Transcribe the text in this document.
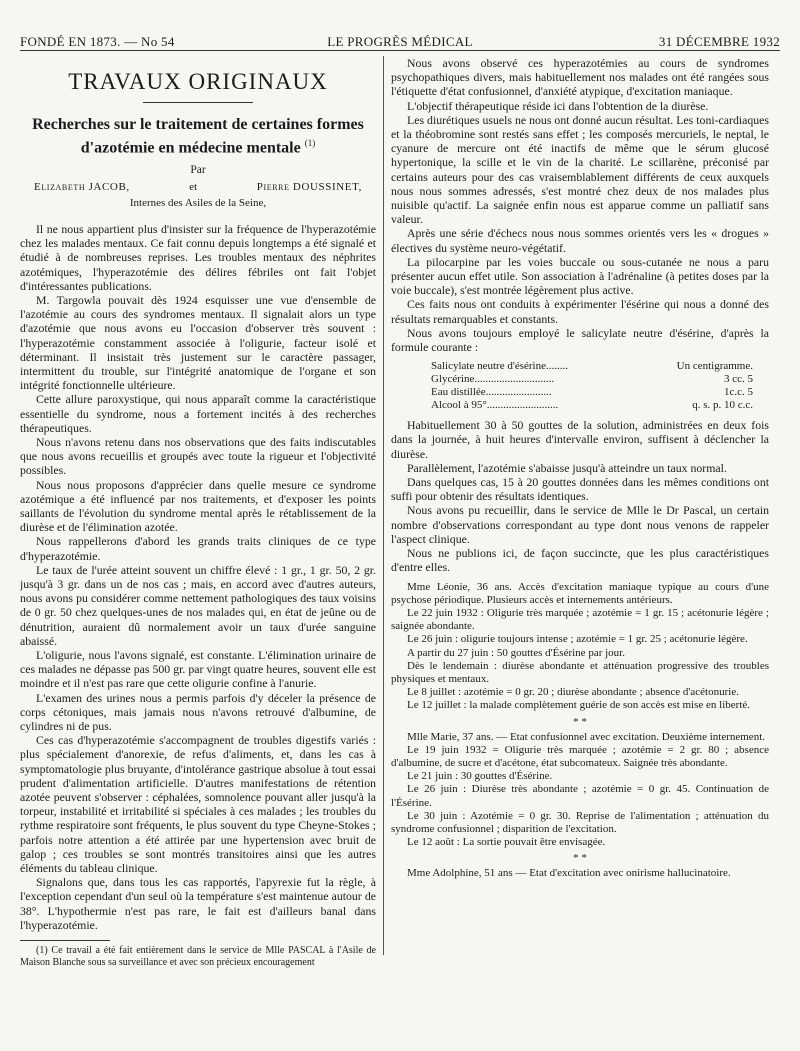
FONDÉ EN 1873. — No 54	LE PROGRÈS MÉDICAL	31 DÉCEMBRE 1932
TRAVAUX ORIGINAUX
Recherches sur le traitement de certaines formes d'azotémie en médecine mentale $^{(1)}$
Par
Elizabeth JACOB,	et	Pierre DOUSSINET,
Internes des Asiles de la Seine,

Il ne nous appartient plus d'insister sur la fréquence de l'hyperazotémie chez les malades mentaux. Ce fait connu depuis longtemps a été signalé et étudié à de nombreuses reprises. Les troubles mentaux des néphrites azotémiques, l'hyperazotémie des délires fébriles ont fait l'objet d'intéressantes publications.

M. Targowla pouvait dès 1924 esquisser une vue d'ensemble de l'azotémie au cours des syndromes mentaux. Il signalait alors un type d'azotémie que nous avons eu l'occasion d'observer très souvent : l'hyperazotémie constamment associée à l'oligurie, facteur isolé et déterminant. Il insistait très justement sur le caractère passager, intermittent du trouble, sur l'intégrité anatomique de l'organe et son intégrité fonctionnelle ultérieure.

Cette allure paroxystique, qui nous apparaît comme la caractéristique essentielle du syndrome, nous a fortement incités à des recherches thérapeutiques.

Nous n'avons retenu dans nos observations que des faits indiscutables que nous avons recueillis et groupés avec toute la rigueur et l'objectivité possibles.

Nous nous proposons d'apprécier dans quelle mesure ce syndrome azotémique a été influencé par nos traitements, et d'exposer les points saillants de l'évolution du syndrome mental après le rétablissement de la diurèse et de l'élimination azotée.

Nous rappellerons d'abord les grands traits cliniques de ce type d'hyperazotémie.

Le taux de l'urée atteint souvent un chiffre élevé : 1 gr., 1 gr. 50, 2 gr. jusqu'à 3 gr. dans un de nos cas ; mais, en accord avec d'autres auteurs, nous avons pu considérer comme nettement pathologiques des taux voisins de 0 gr. 50 chez quelques-unes de nos malades qui, en état de jeûne ou de dénutrition, auraient dû normalement avoir un taux d'urée sanguine abaissé.

L'oligurie, nous l'avons signalé, est constante. L'élimination urinaire de ces malades ne dépasse pas 500 gr. par vingt quatre heures, souvent elle est moindre et il n'est pas rare que cette oligurie confine à l'anurie.

L'examen des urines nous a permis parfois d'y déceler la présence de corps cétoniques, mais jamais nous n'avons retrouvé d'albumine, de cylindres ni de pus.

Ces cas d'hyperazotémie s'accompagnent de troubles digestifs variés : plus spécialement d'anorexie, de refus d'aliments, et, dans les cas à symptomatologie plus bruyante, d'intolérance gastrique absolue à tout essai prudent d'alimentation artificielle. D'autres manifestations de rétention azotée peuvent s'observer : céphalées, somnolence pouvant aller jusqu'à la torpeur, instabilité et irritabilité si spéciales à ces malades ; les troubles du rythme respiratoire sont fréquents, le plus souvent du type Cheyne-Stokes ; parfois notre attention a été attirée par une hypertension avec bruit de galop ; ces troubles se sont montrés transitoires ainsi que les autres éléments du tableau clinique.

Signalons que, dans tous les cas rapportés, l'apyrexie fut la règle, à l'exception cependant d'un seul où la température s'est maintenue autour de 38°. L'hypothermie n'est pas rare, le fait est d'ailleurs banal dans l'hyperazotémie.

(1) Ce travail a été fait entièrement dans le service de Mlle PASCAL à l'Asile de Maison Blanche sous sa surveillance et avec son précieux encouragement

Nous avons observé ces hyperazotémies au cours de syndromes psychopathiques divers, mais habituellement nos malades ont été rangées sous l'étiquette d'état confusionnel, d'anxiété atypique, d'excitation maniaque.

L'objectif thérapeutique réside ici dans l'obtention de la diurèse.

Les diurétiques usuels ne nous ont donné aucun résultat. Les toni-cardiaques et la théobromine sont restés sans effet ; les composés mercuriels, le neptal, le cyanure de mercure ont été inactifs de même que le sérum glucosé hypertonique, la scille et le vin de la charité. Le scillarène, préconisé par certains auteurs pour des cas vraisemblablement différents de ceux auxquels nous nous sommes adressés, s'est montré chez deux de nos malades plus nuisible qu'actif. La saignée enfin nous est apparue comme un palliatif sans valeur.

Après une série d'échecs nous nous sommes orientés vers les « drogues » électives du système neuro-végétatif.

La pilocarpine par les voies buccale ou sous-cutanée ne nous a paru présenter aucun effet utile. Son association à l'adrénaline (à petites doses par la voie buccale), s'est montrée légèrement plus active.

Ces faits nous ont conduits à expérimenter l'ésérine qui nous a donné des résultats remarquables et constants.

Nous avons toujours employé le salicylate neutre d'ésérine, d'après la formule courante :

Salicylate neutre d'ésérine........	Un centigramme.
Glycérine.............................	3 cc. 5
Eau distillée........................	1c.c. 5
Alcool à 95°..........................	q. s. p. 10 c.c.

Habituellement 30 à 50 gouttes de la solution, administrées en deux fois dans la journée, à huit heures d'intervalle environ, suffisent à déclencher la diurèse.

Parallèlement, l'azotémie s'abaisse jusqu'à atteindre un taux normal.

Dans quelques cas, 15 à 20 gouttes données dans les mêmes conditions ont suffi pour obtenir des résultats identiques.

Nous avons pu recueillir, dans le service de Mlle le Dr Pascal, un certain nombre d'observations correspondant au type dont nous venons de rappeler l'aspect clinique.

Nous ne publions ici, de façon succincte, que les plus caractéristiques d'entre elles.

Mme Léonie, 36 ans. Accès d'excitation maniaque typique au cours d'une psychose périodique. Plusieurs accès et internements antérieurs.

Le 22 juin 1932 : Oligurie très marquée ; azotémie = 1 gr. 15 ; acétonurie légère ; saignée abondante.

Le 26 juin : oligurie toujours intense ; azotémie = 1 gr. 25 ; acétonurie légère.

A partir du 27 juin : 50 gouttes d'Ésérine par jour.

Dès le lendemain : diurèse abondante et atténuation progressive des troubles physiques et mentaux.

Le 8 juillet : azotémie = 0 gr. 20 ; diurèse abondante ; absence d'acétonurie.

Le 12 juillet : la malade complètement guérie de son accès est mise en liberté.

* *

Mlle Marie, 37 ans. — Etat confusionnel avec excitation. Deuxième internement.

Le 19 juin 1932 = Oligurie très marquée ; azotémie = 2 gr. 80 ; absence d'albumine, de sucre et d'acétone, état subcomateux. Saignée très abondante.

Le 21 juin : 30 gouttes d'Ésérine.

Le 26 juin : Diurèse très abondante ; azotémie = 0 gr. 45. Continuation de l'Ésérine.

Le 30 juin : Azotémie = 0 gr. 30. Reprise de l'alimentation ; atténuation du syndrome confusionnel ; disparition de l'excitation.

Le 12 août : La sortie pouvait être envisagée.

* *

Mme Adolphine, 51 ans — Etat d'excitation avec onirisme hallucinatoire.
